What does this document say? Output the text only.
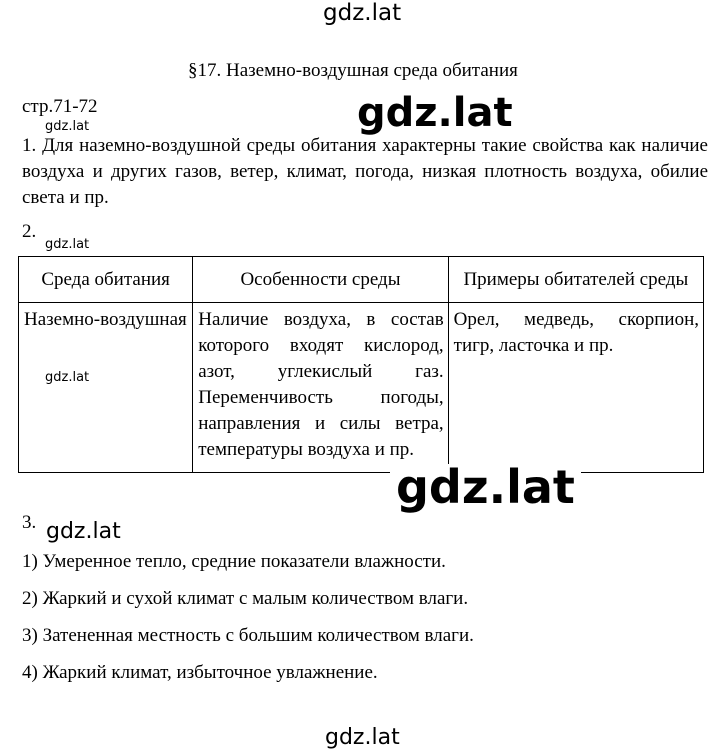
gdz.lat
§17. Наземно-воздушная среда обитания
стр.71-72	gdz.lat
gdz.lat
1. Для наземно-воздушной среды обитания характерны такие свойства как наличие воздуха и других газов, ветер, климат, погода, низкая плотность воздуха, обилие света и пр.
2.
gdz.lat
Среда обитания	Особенности среды	Примеры обитателей среды
Наземно-воздушная	Наличие воздуха, в состав которого входят кислород, азот, углекислый газ. Переменчивость погоды, направления и силы ветра, температуры воздуха и пр.	Орел, медведь, скорпион, тигр, ласточка и пр.
gdz.lat
gdz.lat
3. gdz.lat
1) Умеренное тепло, средние показатели влажности.
2) Жаркий и сухой климат с малым количеством влаги.
3) Затененная местность с большим количеством влаги.
4) Жаркий климат, избыточное увлажнение.
gdz.lat
